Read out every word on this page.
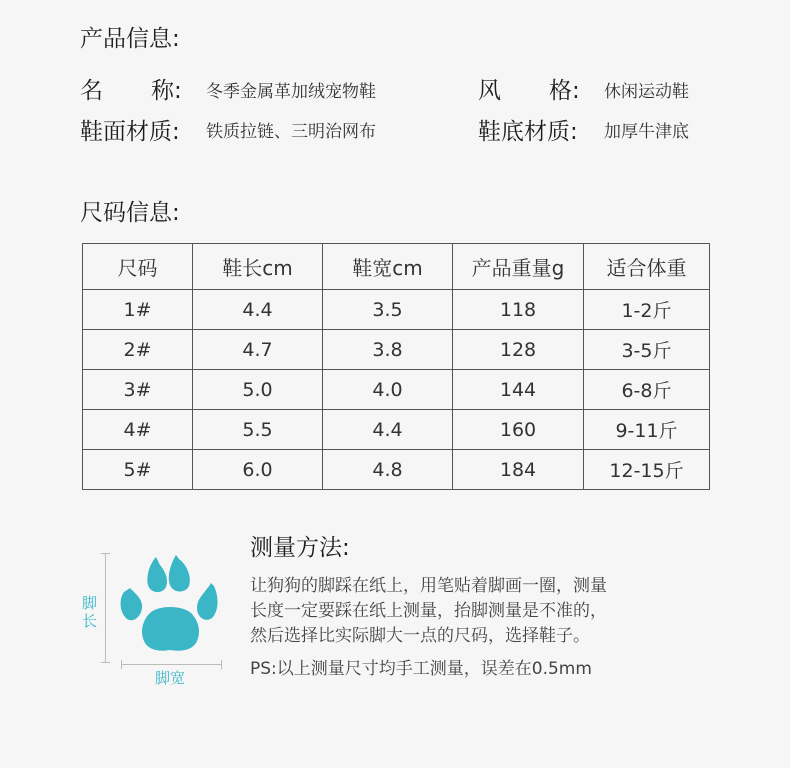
产品信息:
名称: 冬季金属革加绒宠物鞋	风格: 休闲运动鞋
鞋面材质: 铁质拉链、三明治网布	鞋底材质: 加厚牛津底
尺码信息:
尺码	鞋长cm	鞋宽cm	产品重量g	适合体重
1#	4.4	3.5	118	1-2斤
2#	4.7	3.8	128	3-5斤
3#	5.0	4.0	144	6-8斤
4#	5.5	4.4	160	9-11斤
5#	6.0	4.8	184	12-15斤
脚
长
脚宽
测量方法:
让狗狗的脚踩在纸上，用笔贴着脚画一圈，测量
长度一定要踩在纸上测量，抬脚测量是不准的，
然后选择比实际脚大一点的尺码，选择鞋子。
PS:以上测量尺寸均手工测量，误差在0.5mm
